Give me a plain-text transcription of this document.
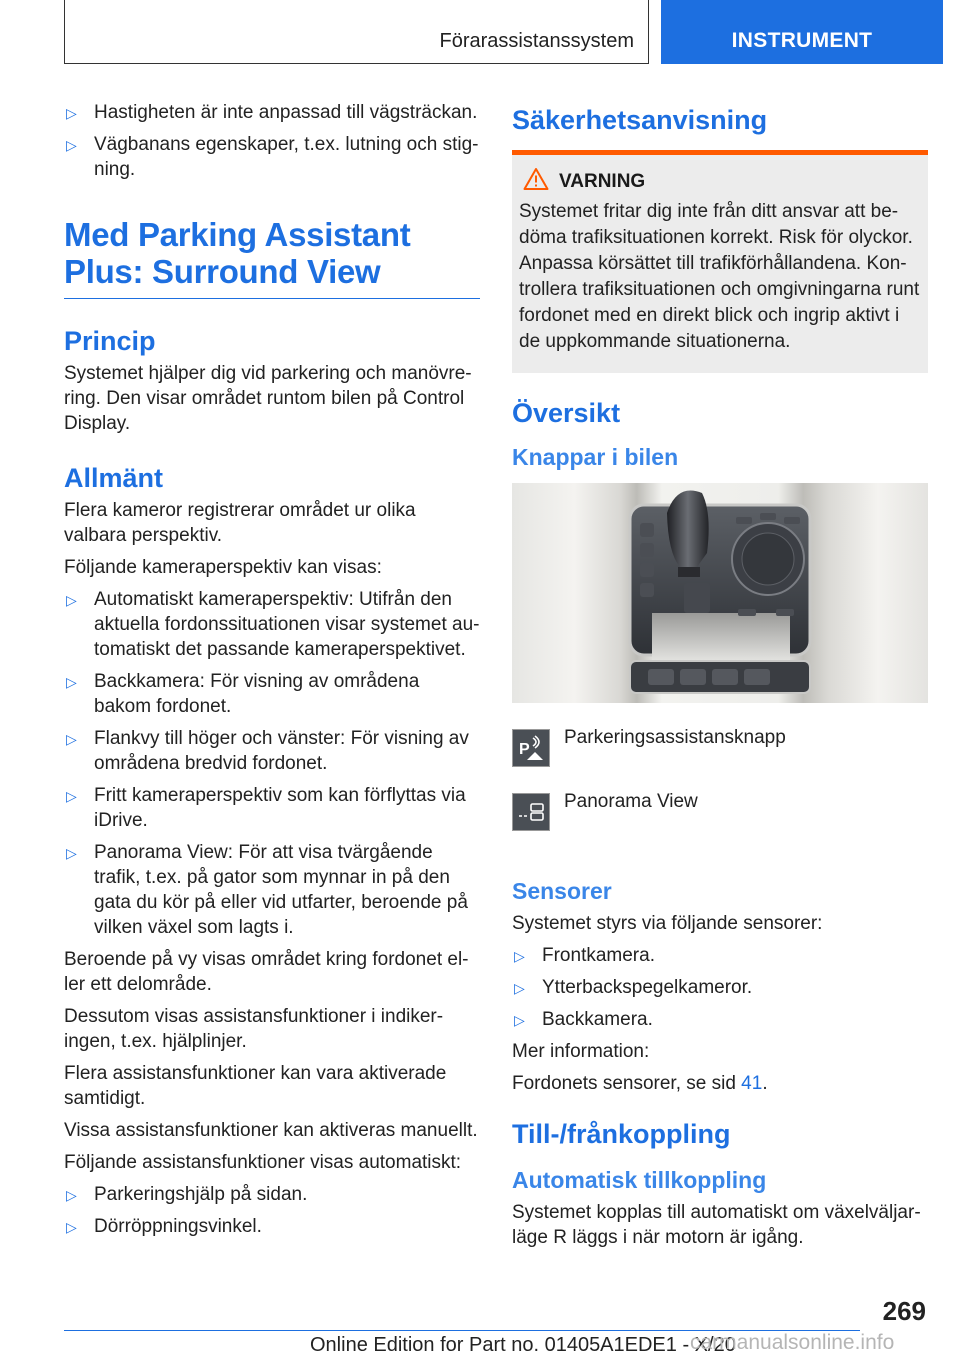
Förarassistanssystem	INSTRUMENT
▷ Hastigheten är inte anpassad till vägsträckan.
▷ Vägbanans egenskaper, t.ex. lutning och stig-ning.
Med Parking Assistant Plus: Surround View
Princip

Systemet hjälper dig vid parkering och manövre-ring. Den visar området runtom bilen på Control Display.

Allmänt

Flera kameror registrerar området ur olika valbara perspektiv.

Följande kameraperspektiv kan visas:

▷ Automatiskt kameraperspektiv: Utifrån den aktuella fordonssituationen visar systemet au-tomatiskt det passande kameraperspektivet.
▷ Backkamera: För visning av områdena bakom fordonet.
▷ Flankvy till höger och vänster: För visning av områdena bredvid fordonet.
▷ Fritt kameraperspektiv som kan förflyttas via iDrive.
▷ Panorama View: För att visa tvärgående trafik, t.ex. på gator som mynnar in på den gata du kör på eller vid utfarter, beroende på vilken växel som lagts i.

Beroende på vy visas området kring fordonet el-ler ett delområde.

Dessutom visas assistansfunktioner i indiker-ingen, t.ex. hjälplinjer.

Flera assistansfunktioner kan vara aktiverade samtidigt.

Vissa assistansfunktioner kan aktiveras manuellt.

Följande assistansfunktioner visas automatiskt:

▷ Parkeringshjälp på sidan.
▷ Dörröppningsvinkel.
Säkerhetsanvisning
VARNING
Systemet fritar dig inte från ditt ansvar att be-döma trafiksituationen korrekt. Risk för olyckor. Anpassa körsättet till trafikförhållandena. Kon-trollera trafiksituationen och omgivningarna runt fordonet med en direkt blick och ingrip aktivt i de uppkommande situationerna.
Översikt
Knappar i bilen
P
Parkeringsassistansknapp
Panorama View
Sensorer

Systemet styrs via följande sensorer:

▷ Frontkamera.
▷ Ytterbackspegelkameror.
▷ Backkamera.

Mer information:

Fordonets sensorer, se sid 41.

Till-/frånkoppling
Automatisk tillkoppling

Systemet kopplas till automatiskt om växelväljar-läge R läggs i när motorn är igång.

269
Online Edition for Part no. 01405A1EDE1 - X/20
carmanualsonline.info
